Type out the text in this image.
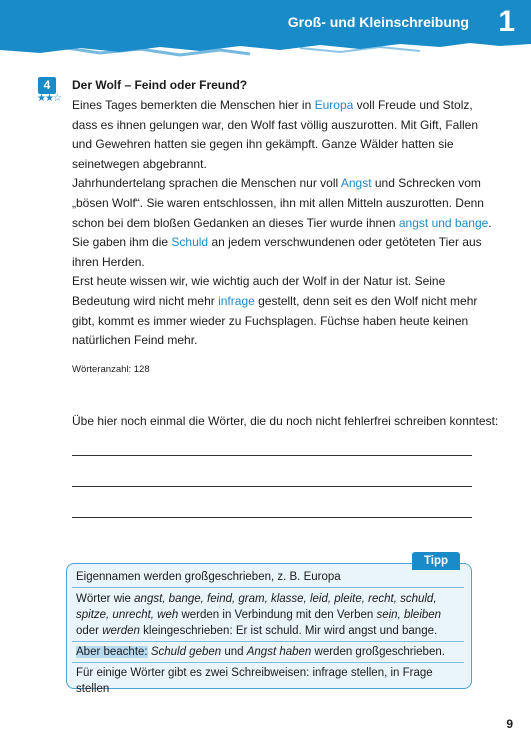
Groß- und Kleinschreibung 1
4
★★☆
Der Wolf – Feind oder Freund?

Eines Tages bemerkten die Menschen hier in Europa voll Freude und Stolz, dass es ihnen gelungen war, den Wolf fast völlig auszurotten. Mit Gift, Fallen und Gewehren hatten sie gegen ihn gekämpft. Ganze Wälder hatten sie seinetwegen abgebrannt.

Jahrhundertelang sprachen die Menschen nur voll Angst und Schrecken vom „bösen Wolf“. Sie waren entschlossen, ihn mit allen Mitteln auszurotten. Denn schon bei dem bloßen Gedanken an dieses Tier wurde ihnen angst und bange. Sie gaben ihm die Schuld an jedem verschwundenen oder getöteten Tier aus ihren Herden.

Erst heute wissen wir, wie wichtig auch der Wolf in der Natur ist. Seine Bedeutung wird nicht mehr infrage gestellt, denn seit es den Wolf nicht mehr gibt, kommt es immer wieder zu Fuchsplagen. Füchse haben heute keinen natürlichen Feind mehr.

Wörteranzahl: 128
Übe hier noch einmal die Wörter, die du noch nicht fehlerfrei schreiben konntest:
Tipp
Eigennamen werden großgeschrieben, z. B. Europa
Wörter wie angst, bange, feind, gram, klasse, leid, pleite, recht, schuld, spitze, unrecht, weh werden in Verbindung mit den Verben sein, bleiben oder werden kleingeschrieben: Er ist schuld. Mir wird angst und bange.
Aber beachte: Schuld geben und Angst haben werden großgeschrieben.
Für einige Wörter gibt es zwei Schreibweisen: infrage stellen, in Frage stellen
9
